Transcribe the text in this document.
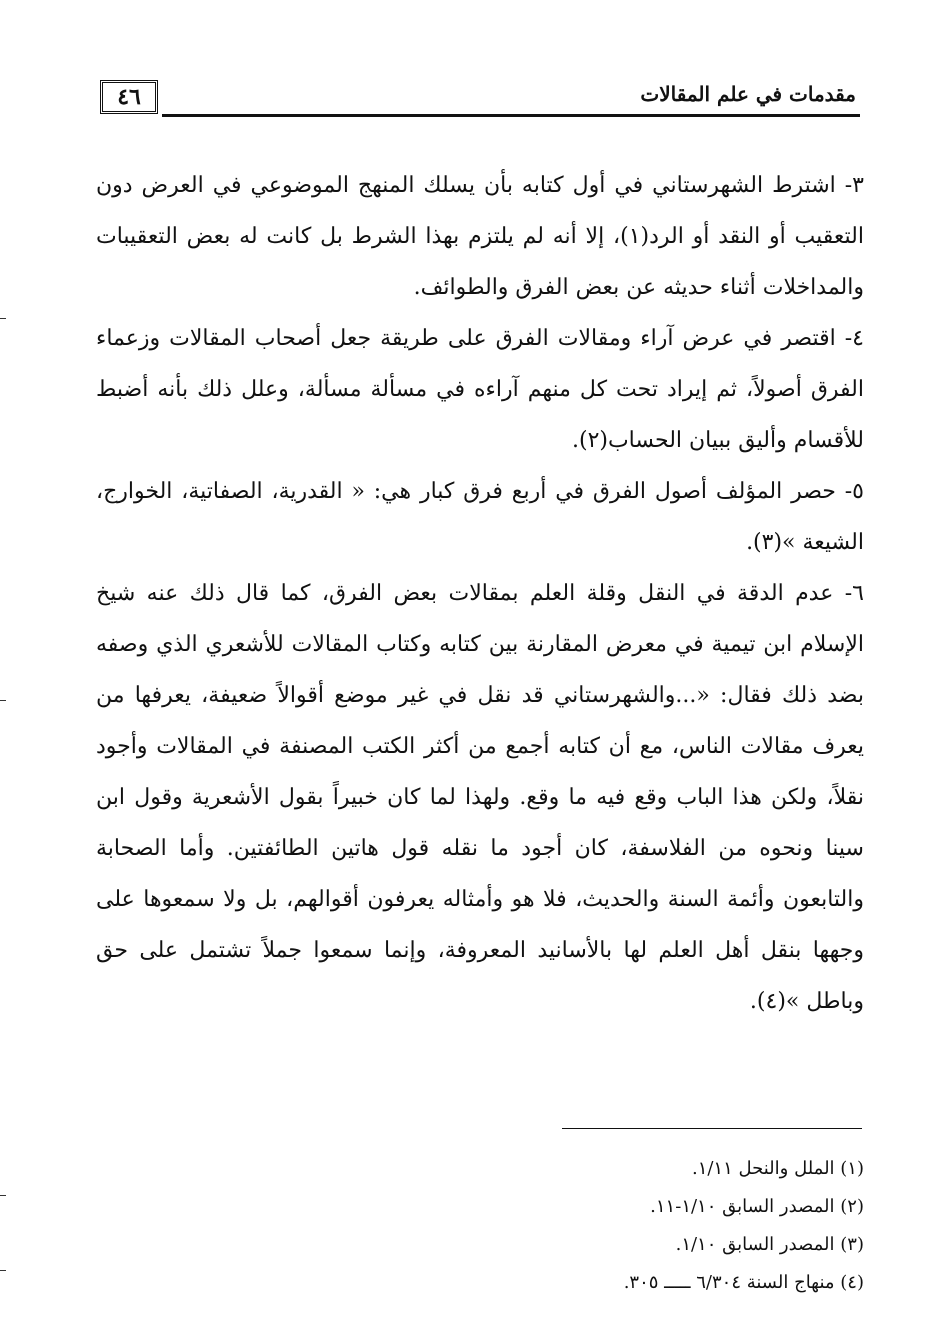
٤٦	مقدمات في علم المقالات

٣- اشترط الشهرستاني في أول كتابه بأن يسلك المنهج الموضوعي في العرض دون التعقيب أو النقد أو الرد(١)، إلا أنه لم يلتزم بهذا الشرط بل كانت له بعض التعقيبات والمداخلات أثناء حديثه عن بعض الفرق والطوائف.

٤- اقتصر في عرض آراء ومقالات الفرق على طريقة جعل أصحاب المقالات وزعماء الفرق أصولاً، ثم إيراد تحت كل منهم آراءه في مسألة مسألة، وعلل ذلك بأنه أضبط للأقسام وأليق ببيان الحساب(٢).

٥- حصر المؤلف أصول الفرق في أربع فرق كبار هي: « القدرية، الصفاتية، الخوارج، الشيعة »(٣).

٦- عدم الدقة في النقل وقلة العلم بمقالات بعض الفرق، كما قال ذلك عنه شيخ الإسلام ابن تيمية في معرض المقارنة بين كتابه وكتاب المقالات للأشعري الذي وصفه بضد ذلك فقال: «...والشهرستاني قد نقل في غير موضع أقوالاً ضعيفة، يعرفها من يعرف مقالات الناس، مع أن كتابه أجمع من أكثر الكتب المصنفة في المقالات وأجود نقلاً، ولكن هذا الباب وقع فيه ما وقع. ولهذا لما كان خبيراً بقول الأشعرية وقول ابن سينا ونحوه من الفلاسفة، كان أجود ما نقله قول هاتين الطائفتين. وأما الصحابة والتابعون وأئمة السنة والحديث، فلا هو وأمثاله يعرفون أقوالهم، بل ولا سمعوها على وجهها بنقل أهل العلم لها بالأسانيد المعروفة، وإنما سمعوا جملاً تشتمل على حق وباطل »(٤).

(١) الملل والنحل ١/١١.
(٢) المصدر السابق ١/١٠-١١.
(٣) المصدر السابق ١/١٠.
(٤) منهاج السنة ٦/٣٠٤ ـــــ ٣٠٥.
